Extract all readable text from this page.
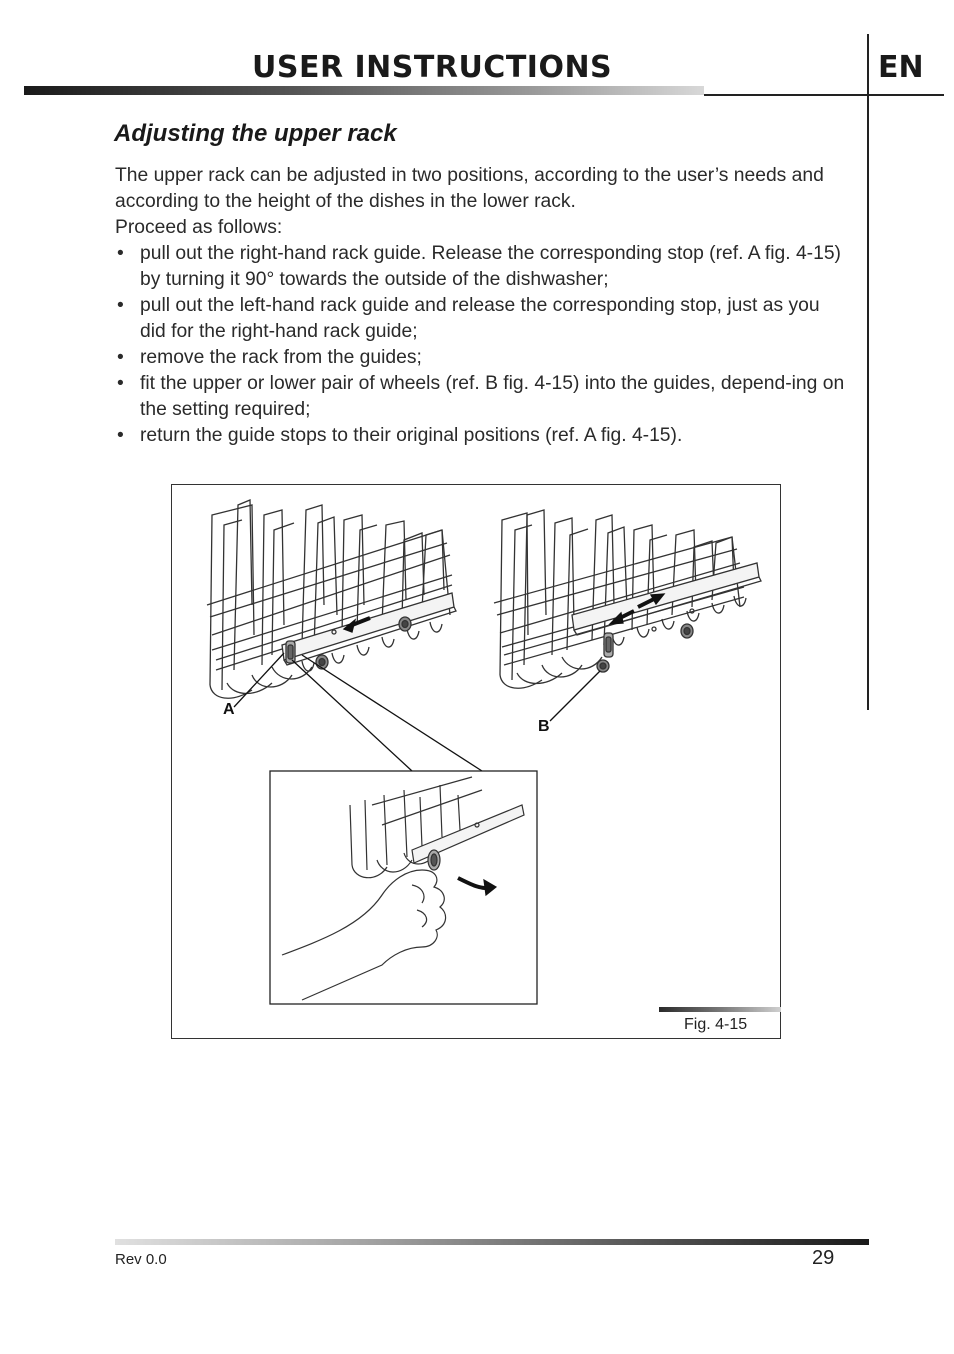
USER INSTRUCTIONS	EN
Adjusting the upper rack

The upper rack can be adjusted in two positions, according to the user’s needs and according to the height of the dishes in the lower rack.

Proceed as follows:

• pull out the right-hand rack guide. Release the corresponding stop (ref. A fig. 4-15) by turning it 90° towards the outside of the dishwasher;
• pull out the left-hand rack guide and release the corresponding stop, just as you did for the right-hand rack guide;
• remove the rack from the guides;
• fit the upper or lower pair of wheels (ref. B fig. 4-15) into the guides, depend-ing on the setting required;
• return the guide stops to their original positions (ref. A fig. 4-15).
A
B
Fig. 4-15
Rev 0.0	29
